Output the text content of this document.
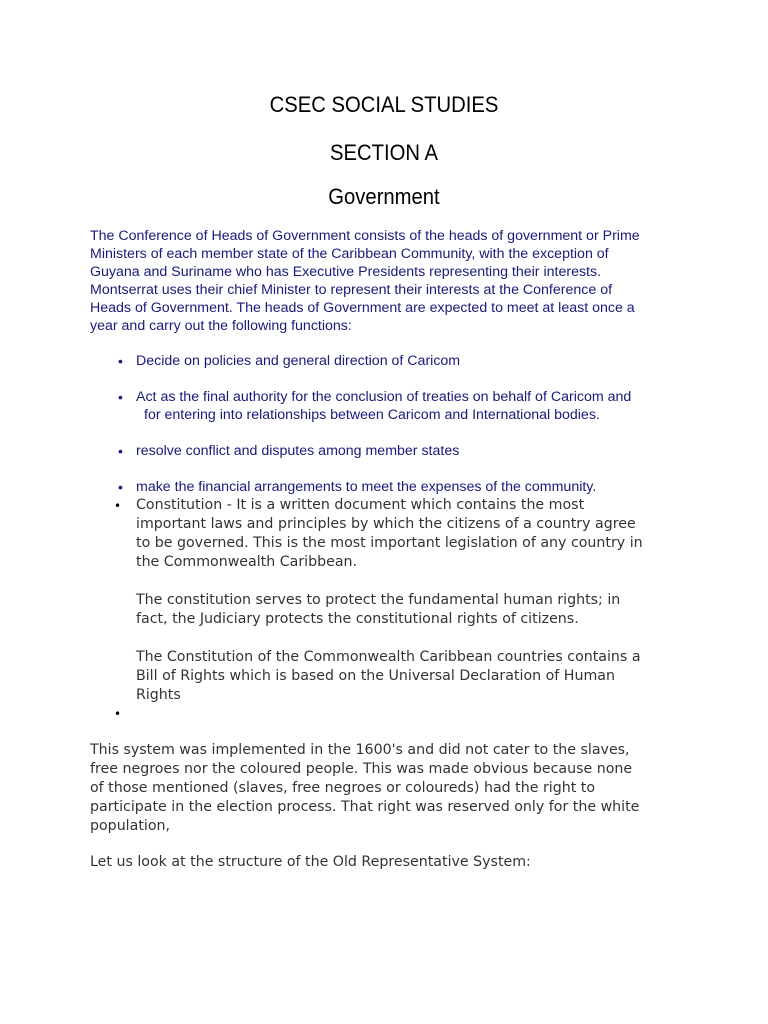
CSEC SOCIAL STUDIES
SECTION A
Government
The Conference of Heads of Government consists of the heads of government or Prime
Ministers of each member state of the Caribbean Community, with the exception of
Guyana and Suriname who has Executive Presidents representing their interests.
Montserrat uses their chief Minister to represent their interests at the Conference of
Heads of Government. The heads of Government are expected to meet at least once a
year and carry out the following functions:
• Decide on policies and general direction of Caricom
• Act as the final authority for the conclusion of treaties on behalf of Caricom and
for entering into relationships between Caricom and International bodies.
• resolve conflict and disputes among member states
• make the financial arrangements to meet the expenses of the community.
• Constitution - It is a written document which contains the most
important laws and principles by which the citizens of a country agree
to be governed. This is the most important legislation of any country in
the Commonwealth Caribbean.
The constitution serves to protect the fundamental human rights; in
fact, the Judiciary protects the constitutional rights of citizens.
The Constitution of the Commonwealth Caribbean countries contains a
Bill of Rights which is based on the Universal Declaration of Human
Rights
•
This system was implemented in the 1600's and did not cater to the slaves,
free negroes nor the coloured people. This was made obvious because none
of those mentioned (slaves, free negroes or coloureds) had the right to
participate in the election process. That right was reserved only for the white
population,
Let us look at the structure of the Old Representative System:
